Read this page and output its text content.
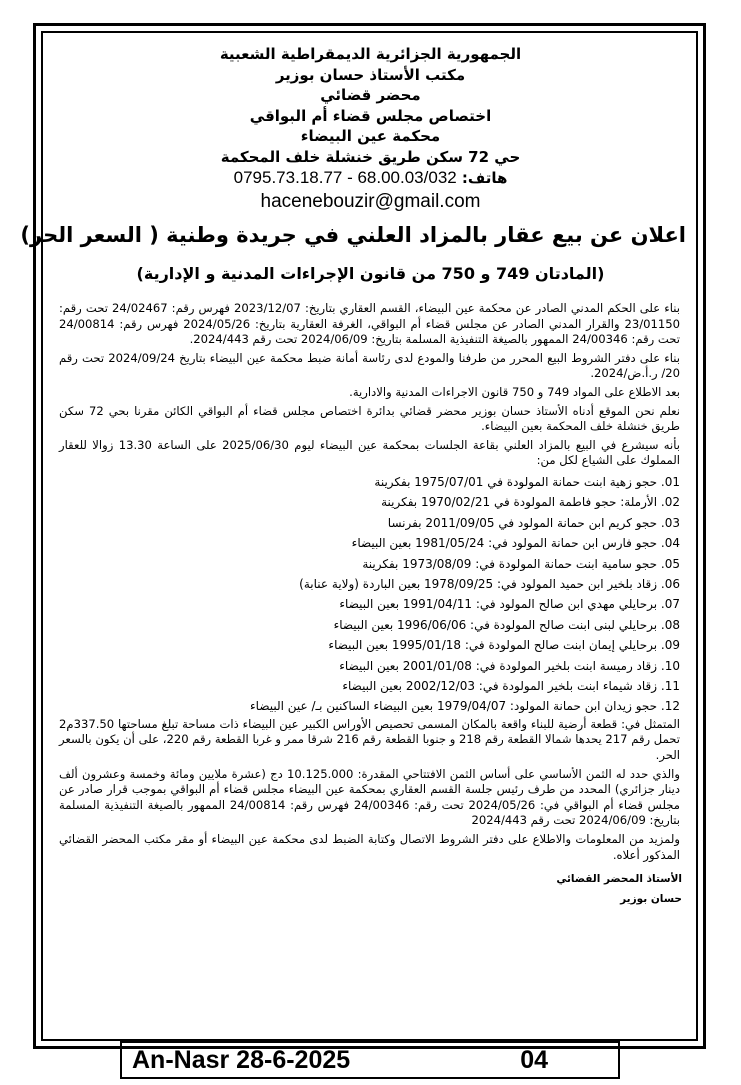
الجمهورية الجزائرية الديمقراطية الشعبية
مكتب الأستاذ حسان بوزير
محضر قضائي
اختصاص مجلس قضاء أم البواقي
محكمة عين البيضاء
حي 72 سكن طريق خنشلة خلف المحكمة
هاتف: 0795.73.18.77 - 68.00.03/032
hacenebouzir@gmail.com
اعلان عن بيع عقار بالمزاد العلني في جريدة وطنية ( السعر الحر)
(المادتان 749 و 750 من قانون الإجراءات المدنية و الإدارية)

بناء على الحكم المدني الصادر عن محكمة عين البيضاء، القسم العقاري بتاريخ: 2023/12/07 فهرس رقم: 24/02467 تحت رقم: 23/01150 والقرار المدني الصادر عن مجلس قضاء أم البواقي، الغرفة العقارية بتاريخ: 2024/05/26 فهرس رقم: 24/00814 تحت رقم: 24/00346 الممهور بالصيغة التنفيذية المسلمة بتاريخ: 2024/06/09 تحت رقم 2024/443.

بناء على دفتر الشروط البيع المحرر من طرفنا والمودع لدى رئاسة أمانة ضبط محكمة عين البيضاء بتاريخ 2024/09/24 تحت رقم 20/ ر.أ.ض/2024.

بعد الاطلاع على المواد 749 و 750 قانون الاجراءات المدنية والادارية.

نعلم نحن الموقع أدناه الأستاذ حسان بوزير محضر قضائي بدائرة اختصاص مجلس قضاء أم البواقي الكائن مقرنا بحي 72 سكن طريق خنشلة خلف المحكمة بعين البيضاء.

بأنه سيشرع في البيع بالمزاد العلني بقاعة الجلسات بمحكمة عين البيضاء ليوم 2025/06/30 على الساعة 13.30 زوالا للعقار المملوك على الشياع لكل من:

01. حجو زهية ابنت حمانة المولودة في 1975/07/01 بفكرينة
02. الأرملة: حجو فاطمة المولودة في 1970/02/21 بفكرينة
03. حجو كريم ابن حمانة المولود في 2011/09/05 بفرنسا
04. حجو فارس ابن حمانة المولود في: 1981/05/24 بعين البيضاء
05. حجو سامية ابنت حمانة المولودة في: 1973/08/09 بفكرينة
06. زقاد بلخير ابن حميد المولود في: 1978/09/25 بعين الباردة (ولاية عنابة)
07. برحايلي مهدي ابن صالح المولود في: 1991/04/11 بعين البيضاء
08. برحايلي لبنى ابنت صالح المولودة في: 1996/06/06 بعين البيضاء
09. برحايلي إيمان ابنت صالح المولودة في: 1995/01/18 بعين البيضاء
10. زقاد رميسة ابنت بلخير المولودة في: 2001/01/08 بعين البيضاء
11. زقاد شيماء ابنت بلخير المولودة في: 2002/12/03 بعين البيضاء
12. حجو زيدان ابن حمانة المولود: 1979/04/07 بعين البيضاء الساكنين بـ/ عين البيضاء

المتمثل في: قطعة أرضية للبناء واقعة بالمكان المسمى تحصيص الأوراس الكبير عين البيضاء ذات مساحة تبلغ مساحتها 337.50م2 تحمل رقم 217 يحدها شمالا القطعة رقم 218 و جنوبا القطعة رقم 216 شرقا ممر و غربا القطعة رقم 220، على أن يكون بالسعر الحر.

والذي حدد له الثمن الأساسي على أساس الثمن الافتتاحي المقدرة: 10.125.000 دج (عشرة ملايين ومائة وخمسة وعشرون ألف دينار جزائري) المحدد من طرف رئيس جلسة القسم العقاري بمحكمة عين البيضاء مجلس قضاء أم البواقي بموجب قرار صادر عن مجلس قضاء أم البواقي في: 2024/05/26 تحت رقم: 24/00346 فهرس رقم: 24/00814 الممهور بالصيغة التنفيذية المسلمة بتاريخ: 2024/06/09 تحت رقم 2024/443

ولمزيد من المعلومات والاطلاع على دفتر الشروط الاتصال وكتابة الضبط لدى محكمة عين البيضاء أو مقر مكتب المحضر القضائي المذكور أعلاه.

الأستاذ المحضر القضائي
حسان بوزير
An-Nasr 28-6-2025	04
